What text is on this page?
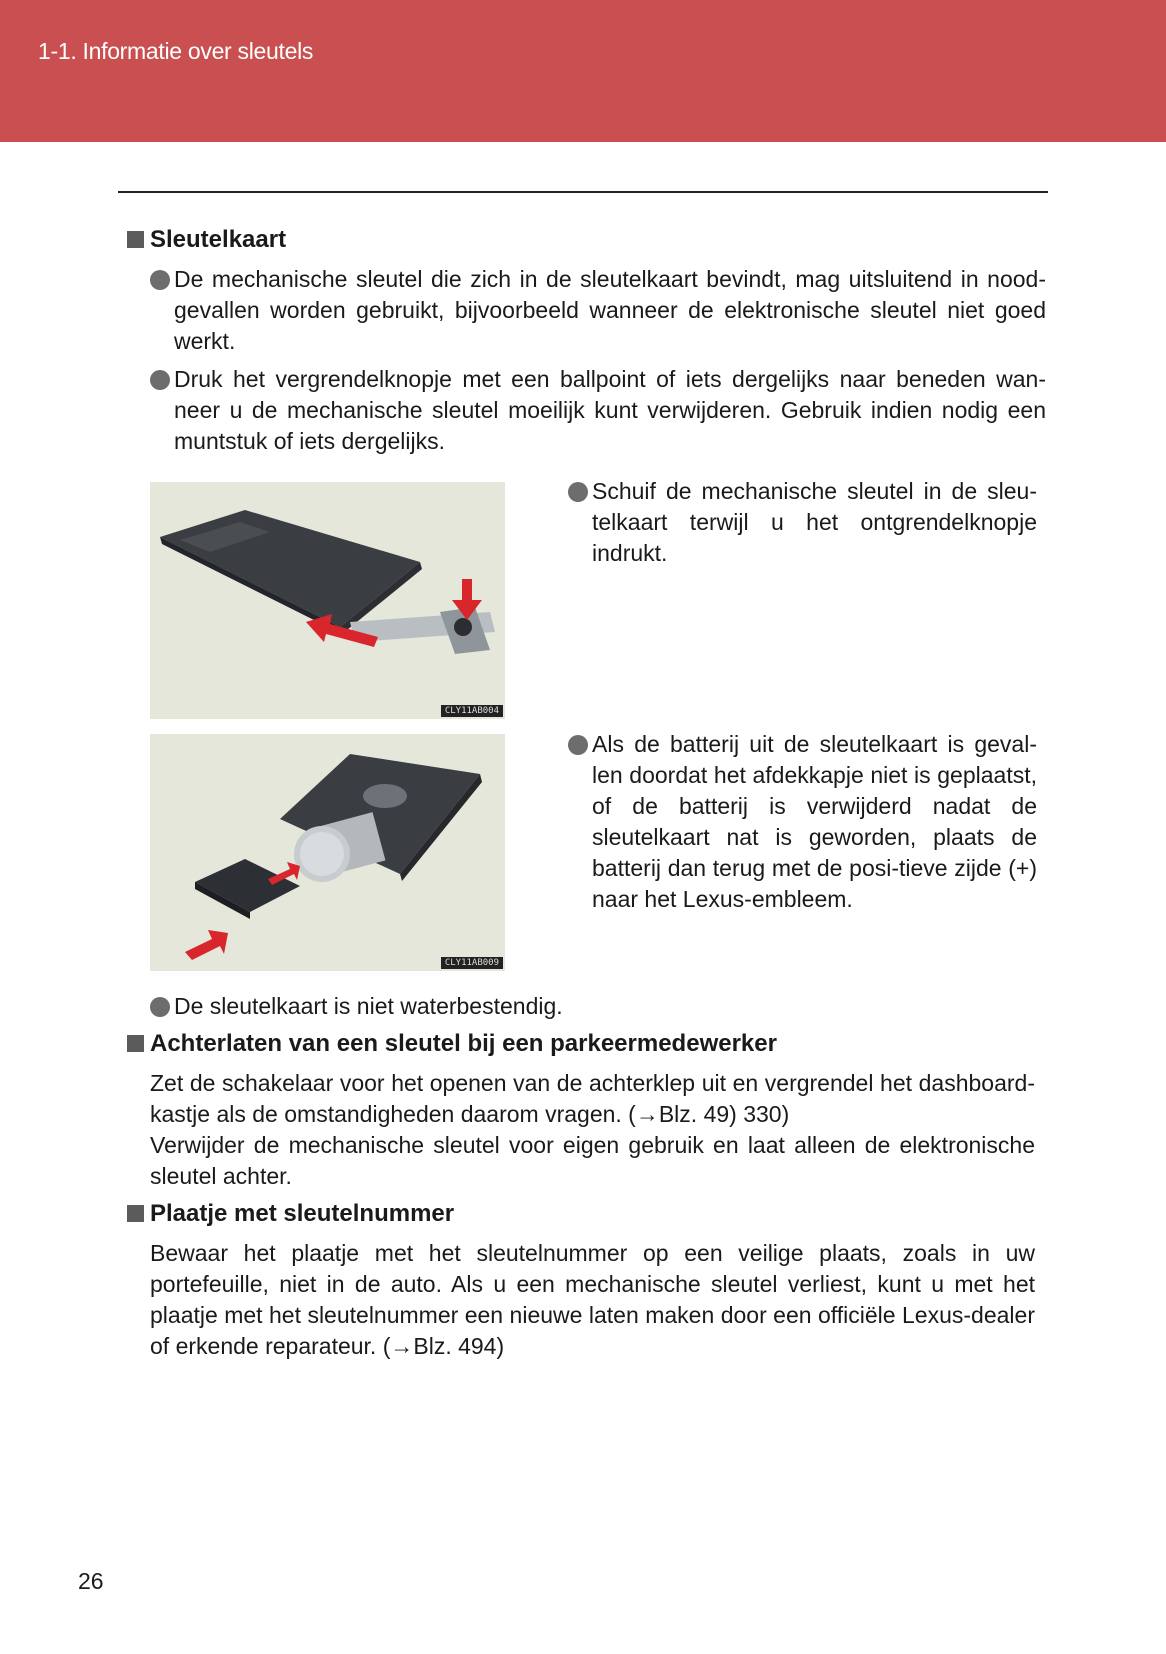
1-1. Informatie over sleutels
Sleutelkaart
De mechanische sleutel die zich in de sleutelkaart bevindt, mag uitsluitend in nood-gevallen worden gebruikt, bijvoorbeeld wanneer de elektronische sleutel niet goed werkt.
Druk het vergrendelknopje met een ballpoint of iets dergelijks naar beneden wan-neer u de mechanische sleutel moeilijk kunt verwijderen. Gebruik indien nodig een muntstuk of iets dergelijks.
CLY11AB004
Schuif de mechanische sleutel in de sleu-telkaart terwijl u het ontgrendelknopje indrukt.
CLY11AB009
Als de batterij uit de sleutelkaart is geval-len doordat het afdekkapje niet is geplaatst, of de batterij is verwijderd nadat de sleutelkaart nat is geworden, plaats de batterij dan terug met de posi-tieve zijde (+) naar het Lexus-embleem.
De sleutelkaart is niet waterbestendig.
Achterlaten van een sleutel bij een parkeermedewerker
Zet de schakelaar voor het openen van de achterklep uit en vergrendel het dashboard-kastje als de omstandigheden daarom vragen. (→Blz. 49) 330)
Verwijder de mechanische sleutel voor eigen gebruik en laat alleen de elektronische sleutel achter.
Plaatje met sleutelnummer
Bewaar het plaatje met het sleutelnummer op een veilige plaats, zoals in uw portefeuille, niet in de auto. Als u een mechanische sleutel verliest, kunt u met het plaatje met het sleutelnummer een nieuwe laten maken door een officiële Lexus-dealer of erkende reparateur. (→Blz. 494)
26
